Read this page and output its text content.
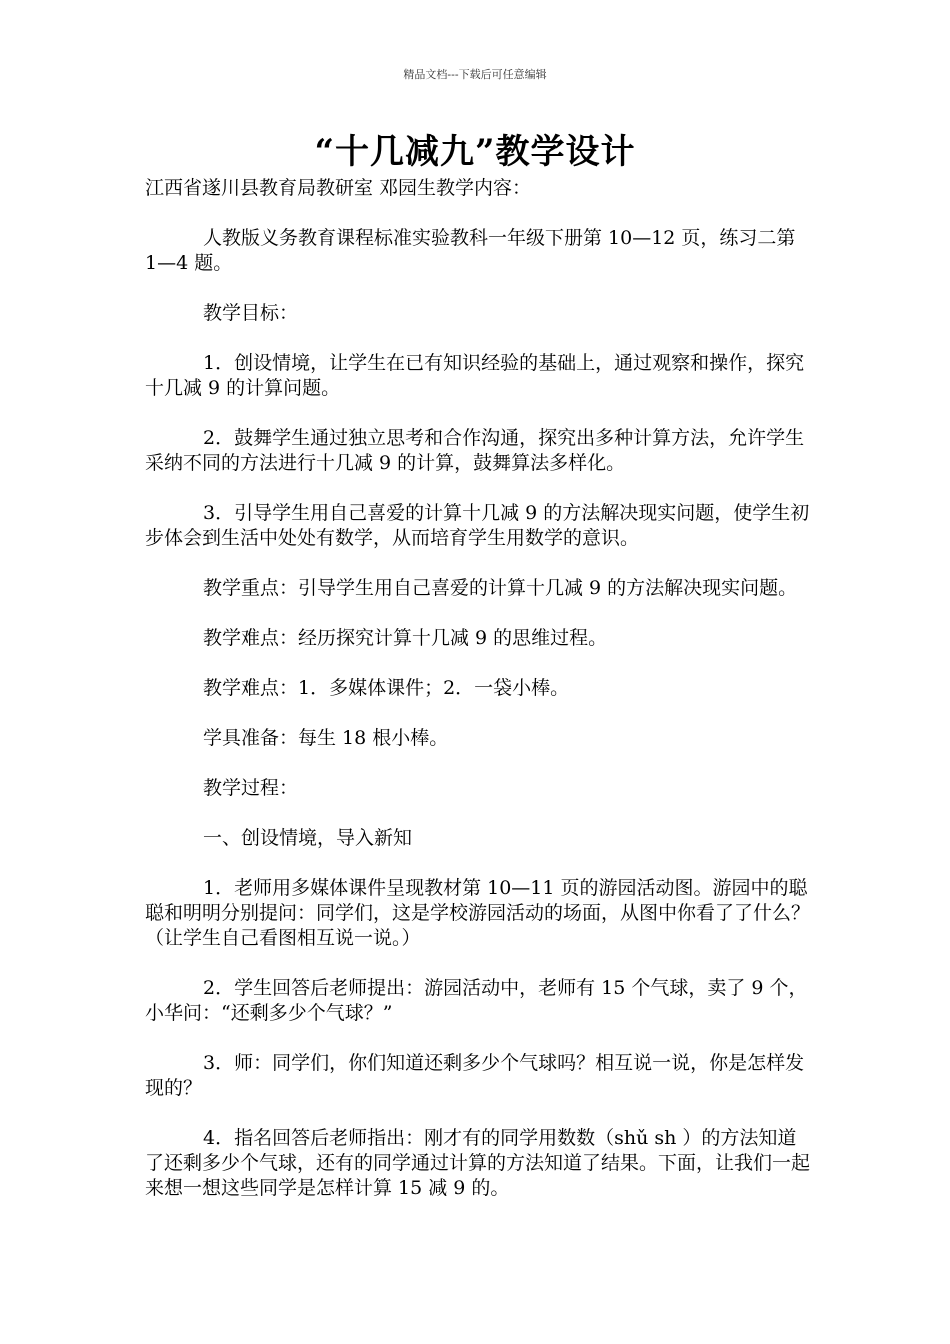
精品文档---下载后可任意编辑
“十几减九”教学设计

江西省遂川县教育局教研室 邓园生教学内容：

人教版义务教育课程标准实验教科一年级下册第 10—12 页，练习二第 1—4 题。

教学目标：

1．创设情境，让学生在已有知识经验的基础上，通过观察和操作，探究十几减 9 的计算问题。

2．鼓舞学生通过独立思考和合作沟通，探究出多种计算方法，允许学生采纳不同的方法进行十几减 9 的计算，鼓舞算法多样化。

3．引导学生用自己喜爱的计算十几减 9 的方法解决现实问题，使学生初步体会到生活中处处有数学，从而培育学生用数学的意识。

教学重点：引导学生用自己喜爱的计算十几减 9 的方法解决现实问题。

教学难点：经历探究计算十几减 9 的思维过程。

教学难点：1．多媒体课件；2．一袋小棒。

学具准备：每生 18 根小棒。

教学过程：

一、创设情境，导入新知

1．老师用多媒体课件呈现教材第 10—11 页的游园活动图。游园中的聪聪和明明分别提问：同学们，这是学校游园活动的场面，从图中你看了了什么？（让学生自己看图相互说一说。）

2．学生回答后老师提出：游园活动中，老师有 15 个气球，卖了 9 个，小华问：“还剩多少个气球？”

3．师：同学们，你们知道还剩多少个气球吗？相互说一说，你是怎样发现的？

4．指名回答后老师指出：刚才有的同学用数数（shǔ sh ）的方法知道了还剩多少个气球，还有的同学通过计算的方法知道了结果。下面，让我们一起来想一想这些同学是怎样计算 15 减 9 的。
